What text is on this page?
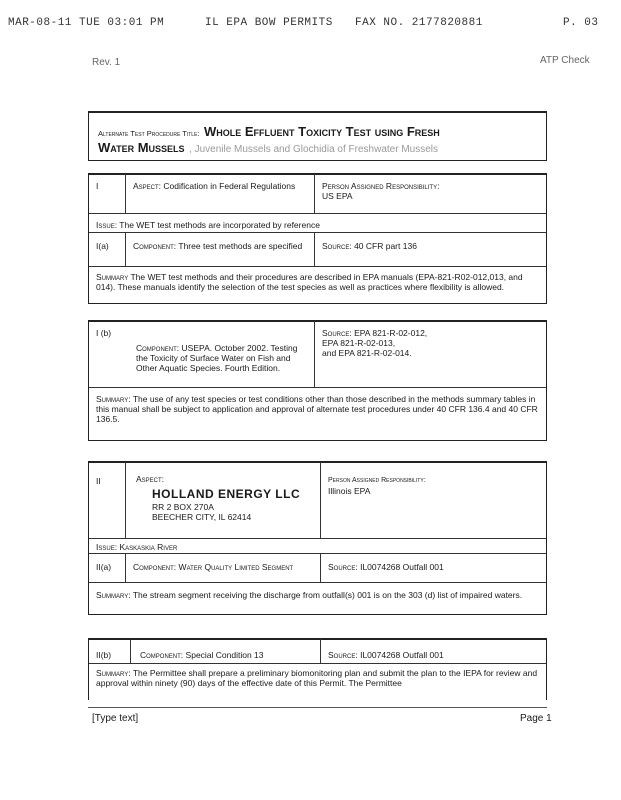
MAR-08-11 TUE 03:01 PM	IL EPA BOW PERMITS FAX NO. 2177820881	P. 03
Rev. 1	ATP Check
Alternate Test Procedure Title: Whole Effluent Toxicity Test using Fresh
Water Mussels , Juvenile Mussels and Glochidia of Freshwater Mussels
I	Aspect: Codification in Federal Regulations	Person Assigned Responsibility:
US EPA
Issue: The WET test methods are incorporated by reference
I(a)	Component: Three test methods are specified	Source: 40 CFR part 136
Summary The WET test methods and their procedures are described in EPA manuals (EPA-821-R02-012,013, and 014). These manuals identify the selection of the test species as well as practices where flexibility is allowed.
I (b)
Component: USEPA. October 2002. Testing the Toxicity of Surface Water on Fish and Other Aquatic Species. Fourth Edition.
Source: EPA 821-R-02-012,
EPA 821-R-02-013,
and EPA 821-R-02-014.
Summary: The use of any test species or test conditions other than those described in the methods summary tables in this manual shall be subject to application and approval of alternate test procedures under 40 CFR 136.4 and 40 CFR 136.5.
II	Aspect:
HOLLAND ENERGY LLC
RR 2 BOX 270A
BEECHER CITY, IL 62414
Person Assigned Responsibility:
Illinois EPA
Issue: Kaskaskia River
II(a)	Component: Water Quality Limited Segment	Source: IL0074268 Outfall 001
Summary: The stream segment receiving the discharge from outfall(s) 001 is on the 303 (d) list of impaired waters.
II(b)	Component: Special Condition 13	Source: IL0074268 Outfall 001
Summary: The Permittee shall prepare a preliminary biomonitoring plan and submit the plan to the IEPA for review and approval within ninety (90) days of the effective date of this Permit. The Permittee
[Type text]	Page 1
